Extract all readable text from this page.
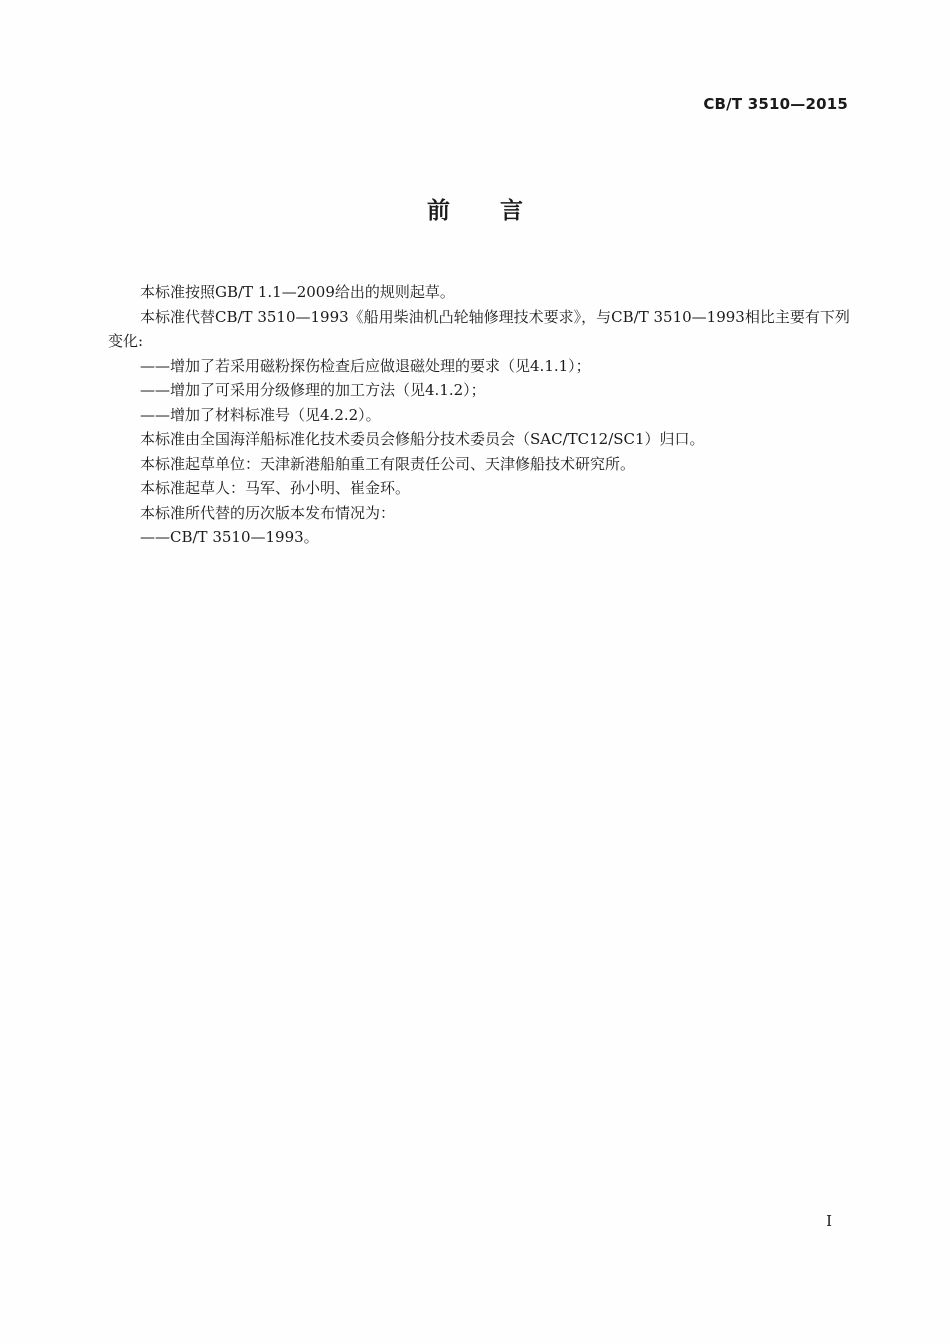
CB/T 3510—2015
前言

本标准按照GB/T 1.1—2009给出的规则起草。

本标准代替CB/T 3510—1993《船用柴油机凸轮轴修理技术要求》，与CB/T 3510—1993相比主要有下列变化:

——增加了若采用磁粉探伤检查后应做退磁处理的要求（见4.1.1）；

——增加了可采用分级修理的加工方法（见4.1.2）；

——增加了材料标准号（见4.2.2）。

本标准由全国海洋船标准化技术委员会修船分技术委员会（SAC/TC12/SC1）归口。

本标准起草单位：天津新港船舶重工有限责任公司、天津修船技术研究所。

本标准起草人：马军、孙小明、崔金环。

本标准所代替的历次版本发布情况为：

——CB/T 3510—1993。

I
